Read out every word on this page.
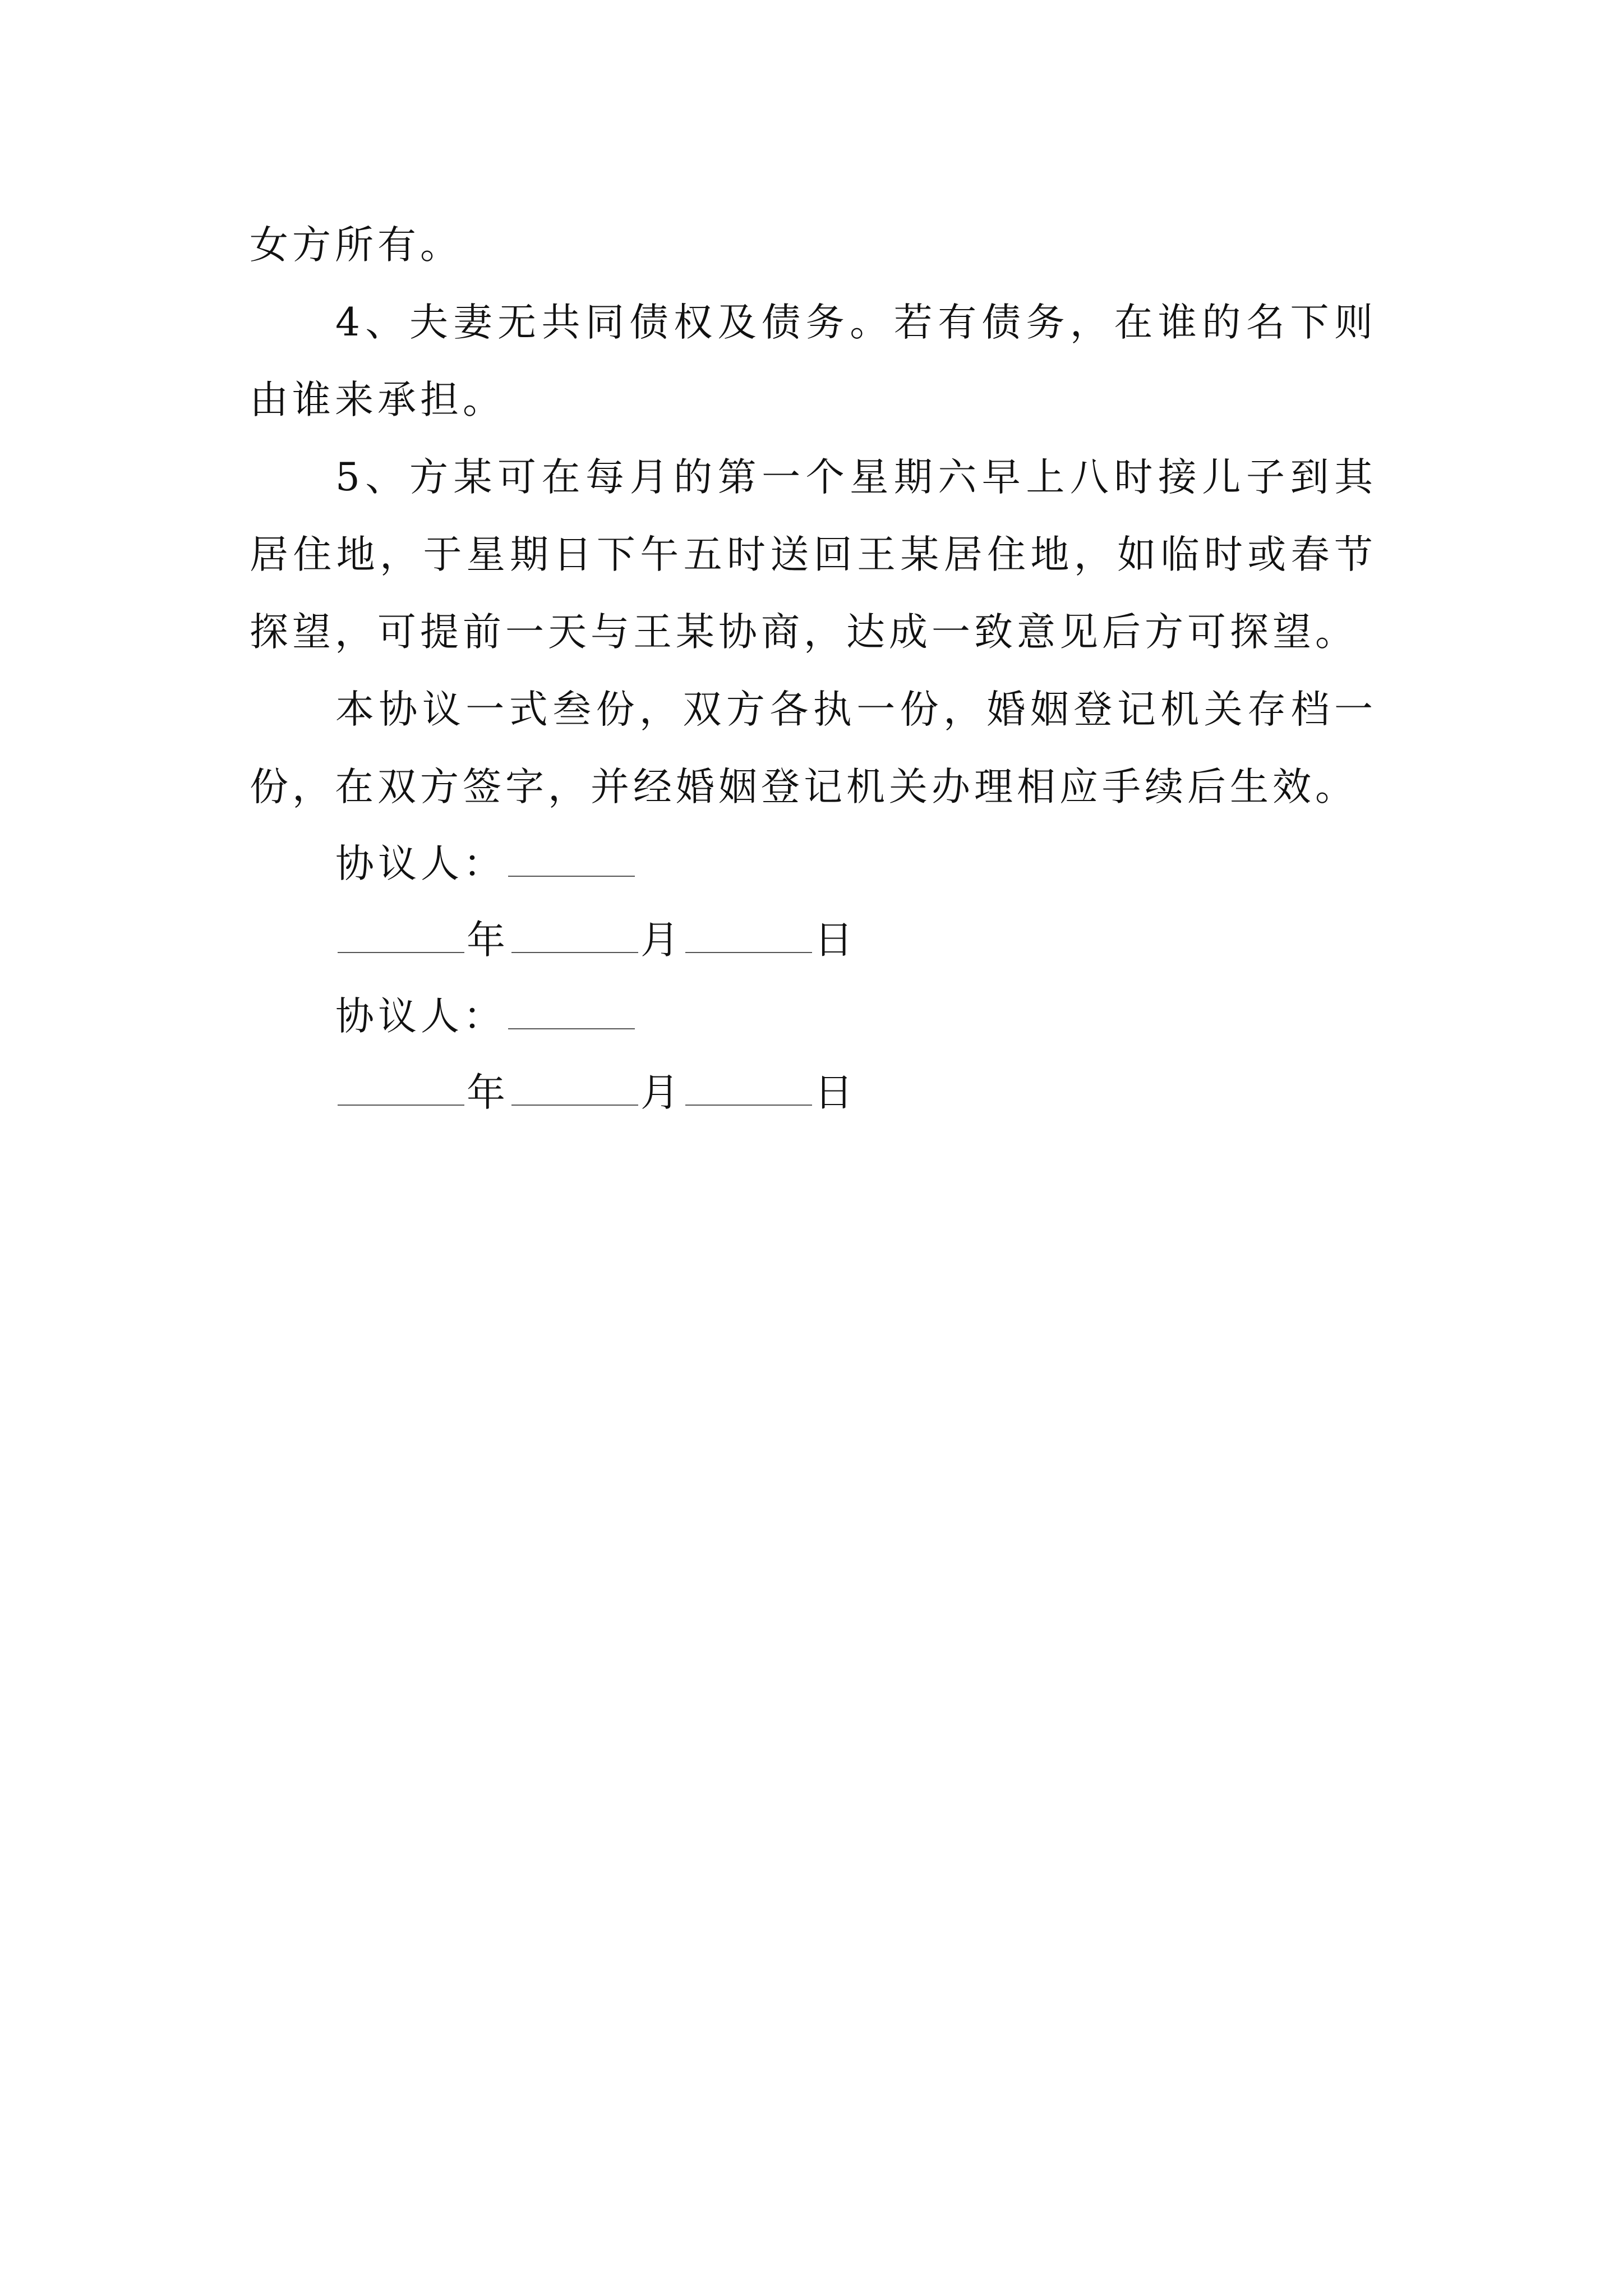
女方所有。

4、夫妻无共同债权及债务。若有债务，在谁的名下则由谁来承担。

5、方某可在每月的第一个星期六早上八时接儿子到其居住地，于星期日下午五时送回王某居住地，如临时或春节探望，可提前一天与王某协商，达成一致意见后方可探望。

本协议一式叁份，双方各执一份，婚姻登记机关存档一份，在双方签字，并经婚姻登记机关办理相应手续后生效。

协议人：
年	月	日
协议人：
年	月	日
